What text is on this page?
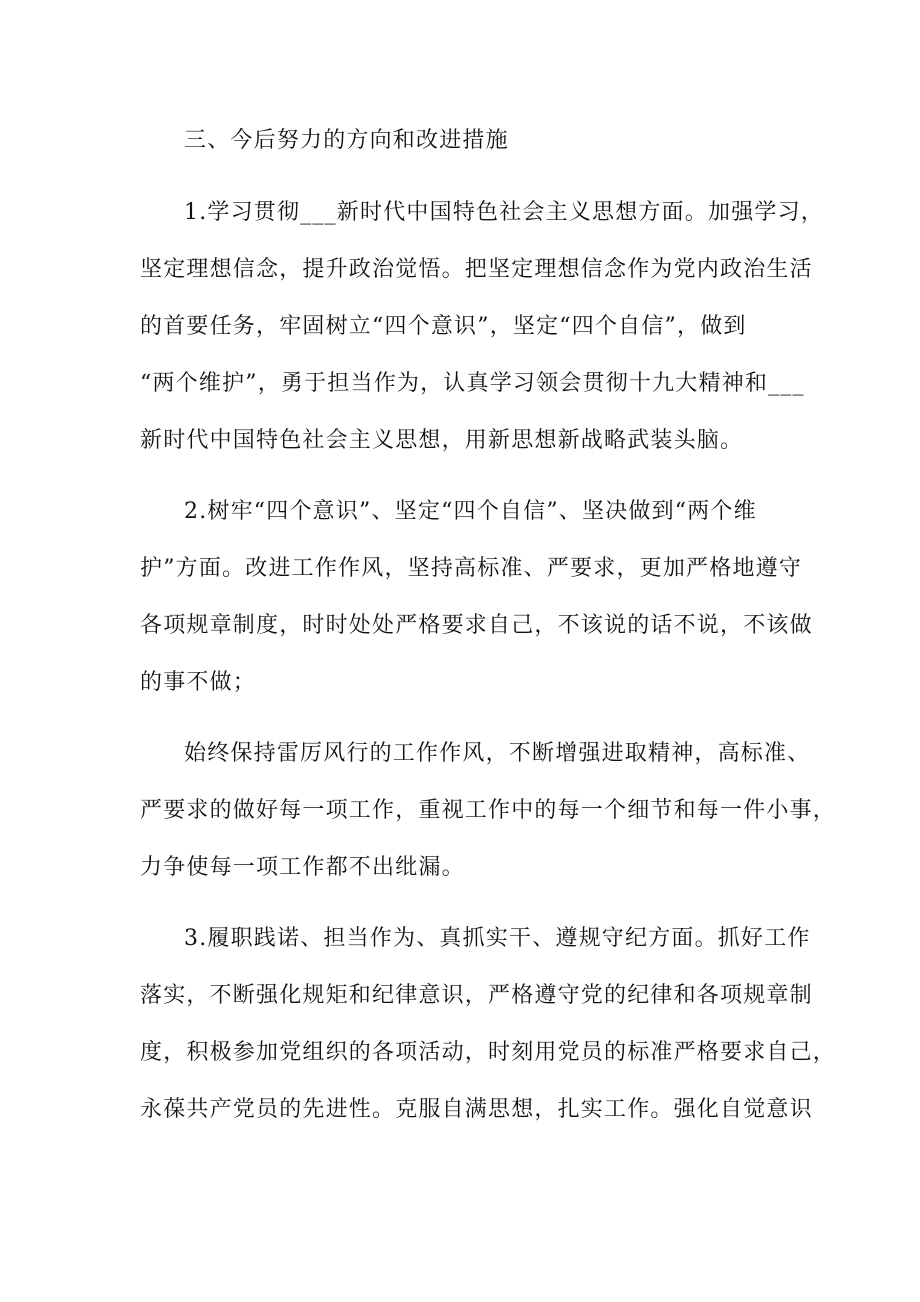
三、今后努力的方向和改进措施
1.学习贯彻___新时代中国特色社会主义思想方面。加强学习，
坚定理想信念，提升政治觉悟。把坚定理想信念作为党内政治生活
的首要任务，牢固树立“四个意识”，坚定“四个自信”，做到
“两个维护”，勇于担当作为，认真学习领会贯彻十九大精神和___
新时代中国特色社会主义思想，用新思想新战略武装头脑。
2.树牢“四个意识”、坚定“四个自信”、坚决做到“两个维
护”方面。改进工作作风，坚持高标准、严要求，更加严格地遵守
各项规章制度，时时处处严格要求自己，不该说的话不说，不该做
的事不做；
始终保持雷厉风行的工作作风，不断增强进取精神，高标准、
严要求的做好每一项工作，重视工作中的每一个细节和每一件小事，
力争使每一项工作都不出纰漏。
3.履职践诺、担当作为、真抓实干、遵规守纪方面。抓好工作
落实，不断强化规矩和纪律意识，严格遵守党的纪律和各项规章制
度，积极参加党组织的各项活动，时刻用党员的标准严格要求自己，
永葆共产党员的先进性。克服自满思想，扎实工作。强化自觉意识
